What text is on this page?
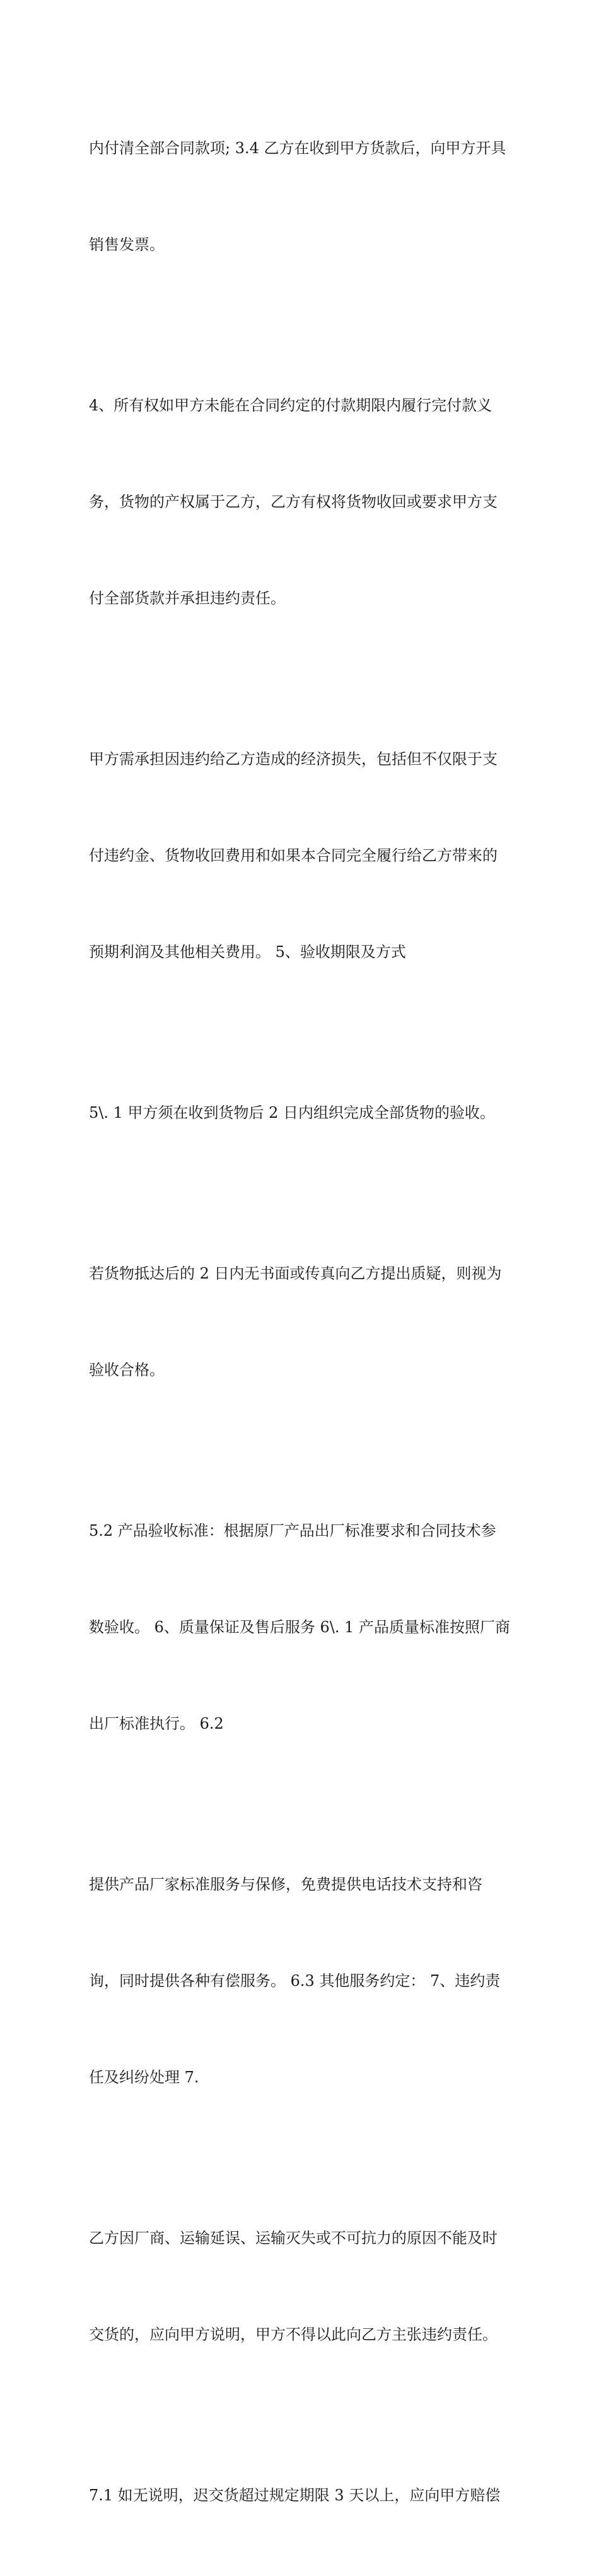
内付清全部合同款项; 3.4 乙方在收到甲方货款后，向甲方开具

销售发票。

4、所有权如甲方未能在合同约定的付款期限内履行完付款义

务，货物的产权属于乙方，乙方有权将货物收回或要求甲方支

付全部货款并承担违约责任。

甲方需承担因违约给乙方造成的经济损失，包括但不仅限于支

付违约金、货物收回费用和如果本合同完全履行给乙方带来的

预期利润及其他相关费用。 5、验收期限及方式

5\. 1 甲方须在收到货物后 2 日内组织完成全部货物的验收。

若货物抵达后的 2 日内无书面或传真向乙方提出质疑，则视为

验收合格。

5.2 产品验收标准：根据原厂产品出厂标准要求和合同技术参

数验收。 6、质量保证及售后服务 6\. 1 产品质量标准按照厂商

出厂标准执行。 6.2

提供产品厂家标准服务与保修，免费提供电话技术支持和咨

询，同时提供各种有偿服务。 6.3 其他服务约定： 7、违约责

任及纠纷处理 7.

乙方因厂商、运输延误、运输灭失或不可抗力的原因不能及时

交货的，应向甲方说明，甲方不得以此向乙方主张违约责任。

7.1 如无说明，迟交货超过规定期限 3 天以上，应向甲方赔偿
